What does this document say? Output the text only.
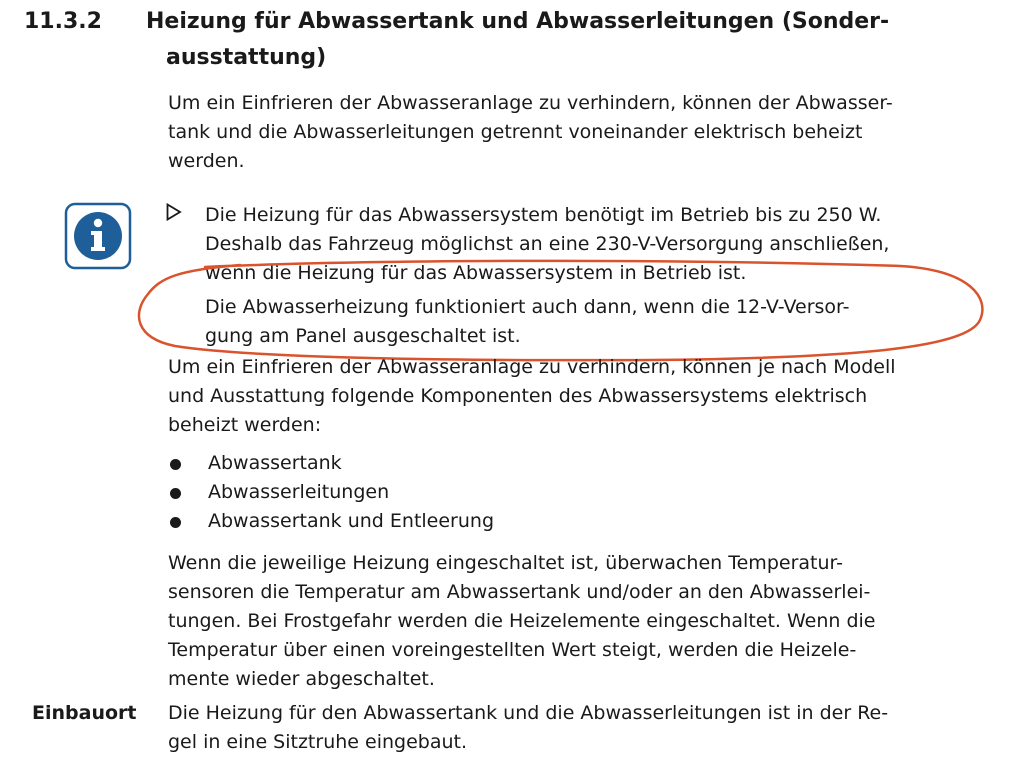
11.3.2 Heizung für Abwassertank und Abwasserleitungen (Sonder-
ausstattung)
Um ein Einfrieren der Abwasseranlage zu verhindern, können der Abwasser-
tank und die Abwasserleitungen getrennt voneinander elektrisch beheizt
werden.
Die Heizung für das Abwassersystem benötigt im Betrieb bis zu 250 W.
Deshalb das Fahrzeug möglichst an eine 230-V-Versorgung anschließen,
wenn die Heizung für das Abwassersystem in Betrieb ist.
Die Abwasserheizung funktioniert auch dann, wenn die 12-V-Versor-
gung am Panel ausgeschaltet ist.
Um ein Einfrieren der Abwasseranlage zu verhindern, können je nach Modell
und Ausstattung folgende Komponenten des Abwassersystems elektrisch
beheizt werden:
Abwassertank
Abwasserleitungen
Abwassertank und Entleerung
Wenn die jeweilige Heizung eingeschaltet ist, überwachen Temperatur-
sensoren die Temperatur am Abwassertank und/oder an den Abwasserlei-
tungen. Bei Frostgefahr werden die Heizelemente eingeschaltet. Wenn die
Temperatur über einen voreingestellten Wert steigt, werden die Heizele-
mente wieder abgeschaltet.
Einbauort Die Heizung für den Abwassertank und die Abwasserleitungen ist in der Re-
gel in eine Sitztruhe eingebaut.
